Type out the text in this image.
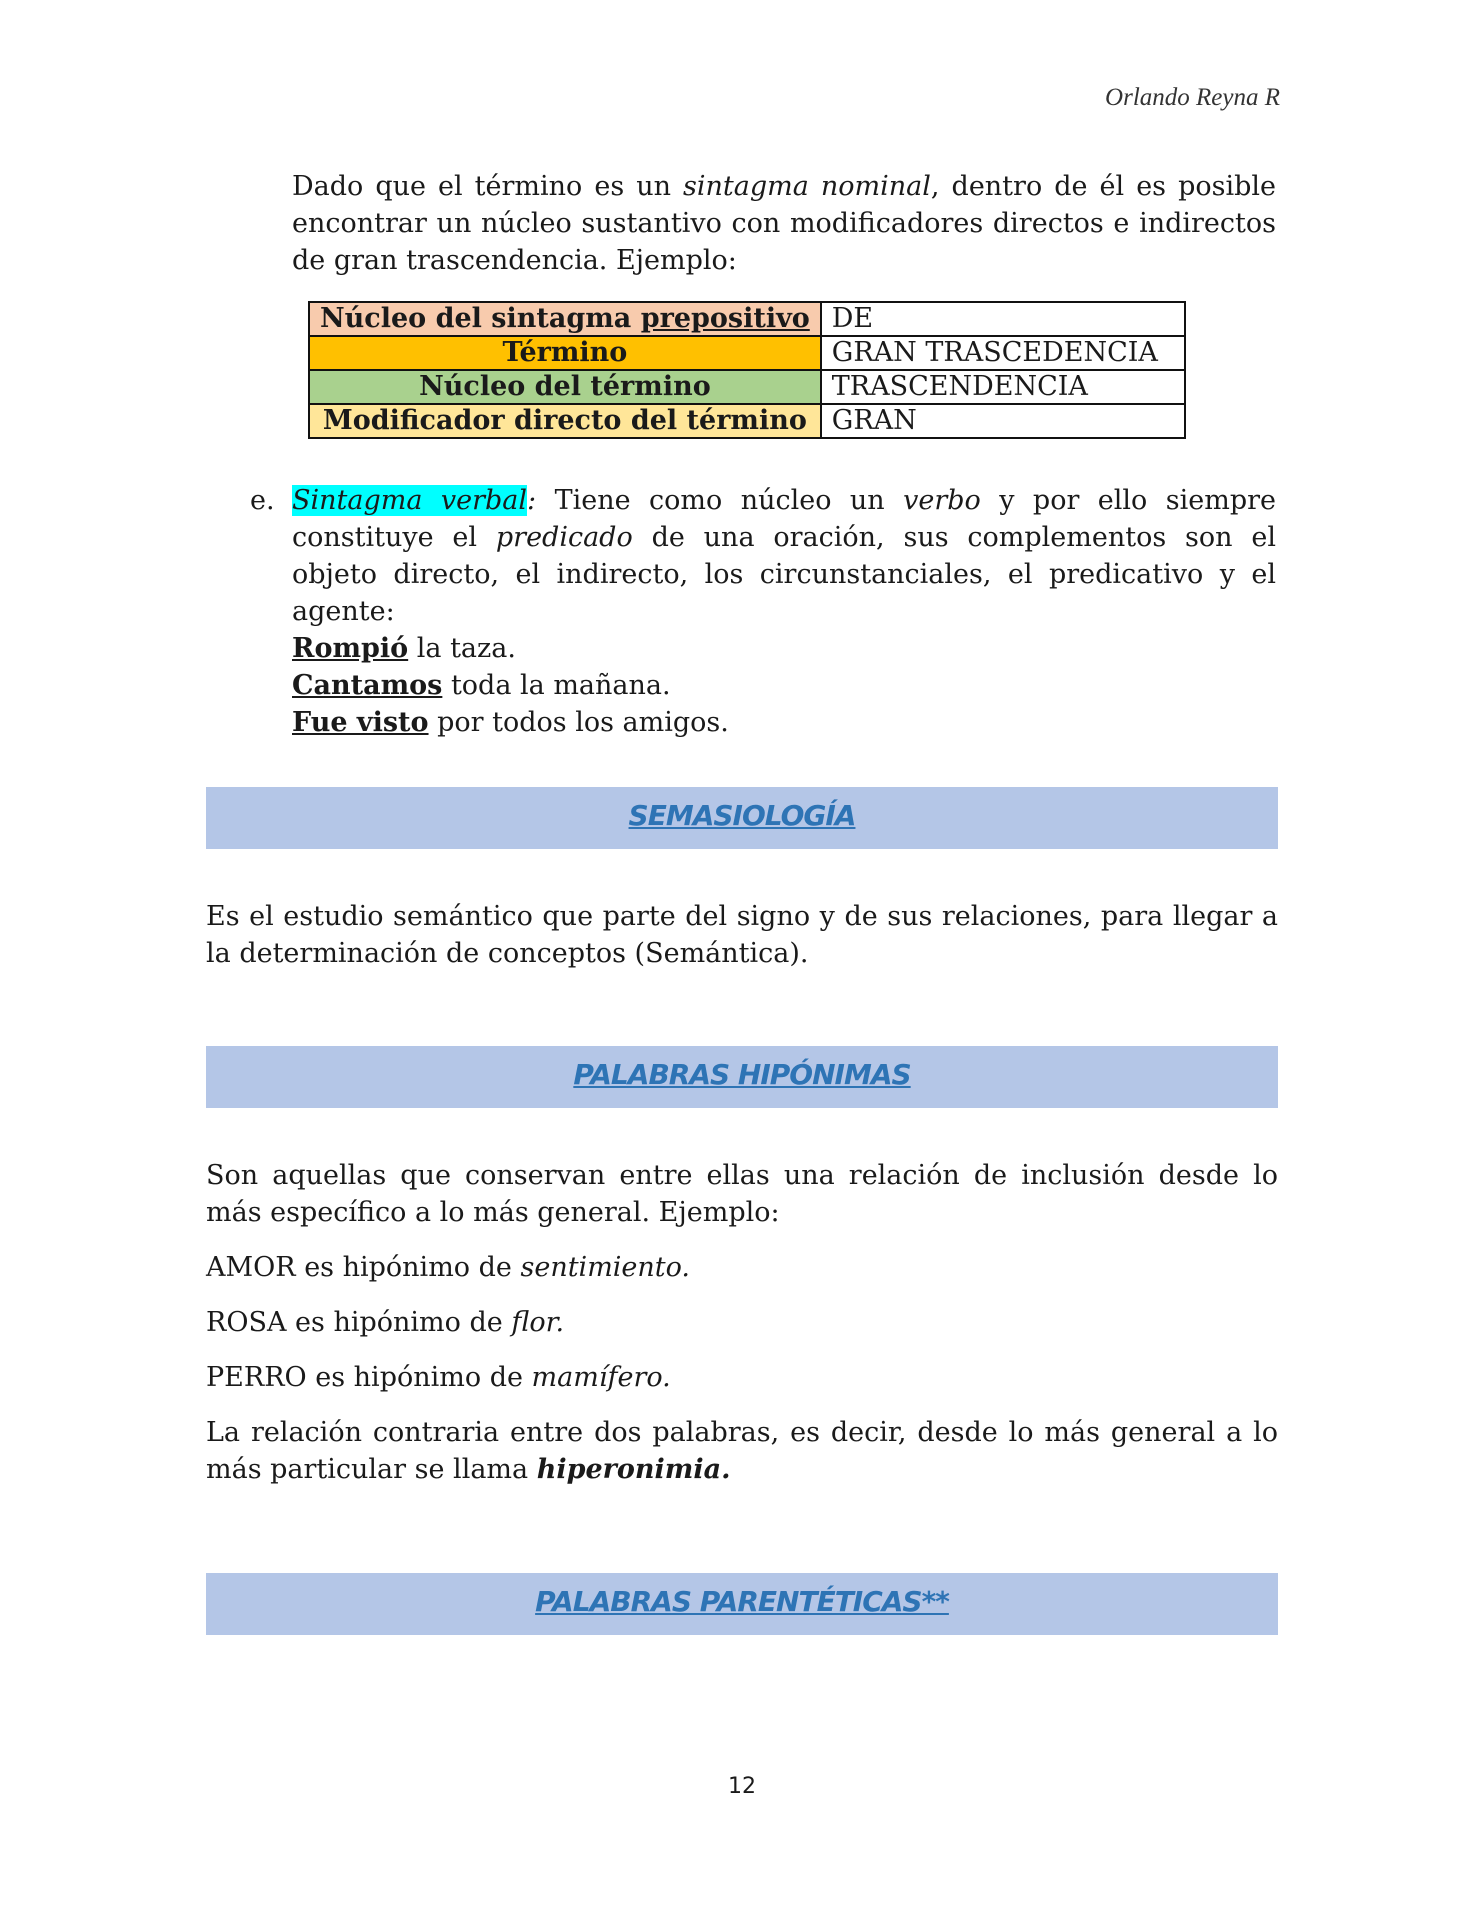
Orlando Reyna R

Dado que el término es un sintagma nominal, dentro de él es posible encontrar un núcleo sustantivo con modificadores directos e indirectos de gran trascendencia. Ejemplo:

Núcleo del sintagma prepositivo	DE
Término	GRAN TRASCEDENCIA
Núcleo del término	TRASCENDENCIA
Modificador directo del término	GRAN
e. Sintagma verbal: Tiene como núcleo un verbo y por ello siempre constituye el predicado de una oración, sus complementos son el objeto directo, el indirecto, los circunstanciales, el predicativo y el agente:

Rompió la taza.

Cantamos toda la mañana.

Fue visto por todos los amigos.

SEMASIOLOGÍA

Es el estudio semántico que parte del signo y de sus relaciones, para llegar a la determinación de conceptos (Semántica).

PALABRAS HIPÓNIMAS

Son aquellas que conservan entre ellas una relación de inclusión desde lo más específico a lo más general. Ejemplo:

AMOR es hipónimo de sentimiento.

ROSA es hipónimo de flor.

PERRO es hipónimo de mamífero.

La relación contraria entre dos palabras, es decir, desde lo más general a lo más particular se llama hiperonimia.

PALABRAS PARENTÉTICAS**
12
